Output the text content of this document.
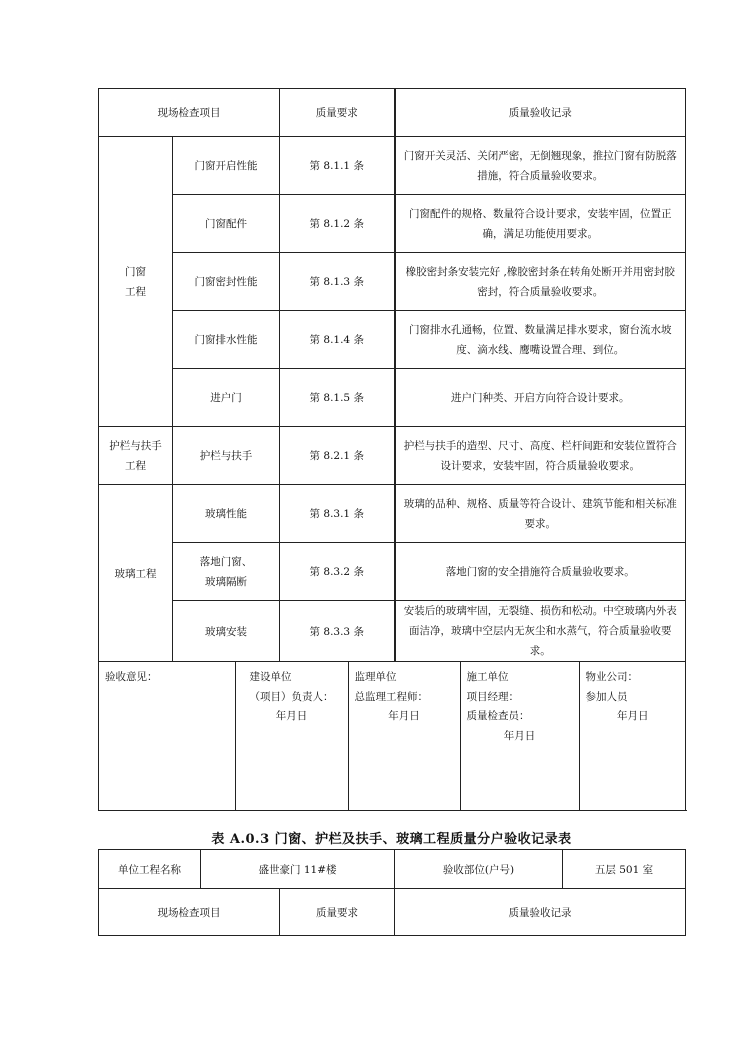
现场检查项目	质量要求	质量验收记录
门窗
工程	门窗开启性能	第 8.1.1 条	门窗开关灵活、关闭严密，无倒翘现象，推拉门窗有防脱落措施，符合质量验收要求。
门窗配件	第 8.1.2 条	门窗配件的规格、数量符合设计要求，安装牢固，位置正确，满足功能使用要求。
门窗密封性能	第 8.1.3 条	橡胶密封条安装完好 ,橡胶密封条在转角处断开并用密封胶密封，符合质量验收要求。
门窗排水性能	第 8.1.4 条	门窗排水孔通畅，位置、数量满足排水要求，窗台流水坡度、滴水线、鹰嘴设置合理、到位。
进户门	第 8.1.5 条	进户门种类、开启方向符合设计要求。
护栏与扶手
工程	护栏与扶手	第 8.2.1 条	护栏与扶手的造型、尺寸、高度、栏杆间距和安装位置符合设计要求，安装牢固，符合质量验收要求。
玻璃工程	玻璃性能	第 8.3.1 条	玻璃的品种、规格、质量等符合设计、建筑节能和相关标准要求。
落地门窗、
玻璃隔断	第 8.3.2 条	落地门窗的安全措施符合质量验收要求。
玻璃安装	第 8.3.3 条	安装后的玻璃牢固，无裂缝、损伤和松动。中空玻璃内外表面洁净，玻璃中空层内无灰尘和水蒸气，符合质量验收要求。

验收意见：	建设单位
（项目）负责人：
年月日

监理单位
总监理工程师：
年月日

施工单位
项目经理：
质量检查员：
年月日

物业公司：
参加人员
年月日
表 A.0.3 门窗、护栏及扶手、玻璃工程质量分户验收记录表
单位工程名称	盛世豪门 11#楼	验收部位(户号)	五层 501 室
现场检查项目	质量要求	质量验收记录
